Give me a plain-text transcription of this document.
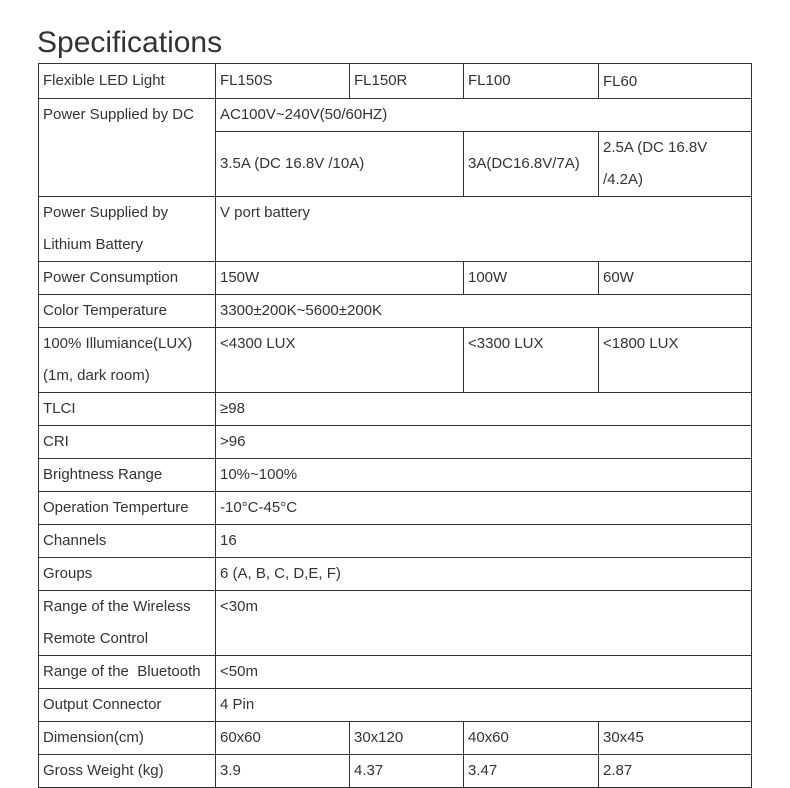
Specifications
Flexible LED Light	FL150S	FL150R	FL100	FL60
Power Supplied by DC	AC100V~240V(50/60HZ)			
	3.5A (DC 16.8V /10A)		3A(DC16.8V/7A)	2.5A (DC 16.8V /4.2A)

Power Supplied by
Lithium Battery	V port battery			
Power Consumption	150W		100W	60W
Color Temperature	3300±200K~5600±200K			

100% Illumiance(LUX)
(1m, dark room)	<4300 LUX		<3300 LUX	<1800 LUX
TLCI	≥98			
CRI	>96			
Brightness Range	10%~100%			
Operation Temperture	-10°C-45°C			
Channels	16			
Groups	6 (A, B, C, D,E, F)			

Range of the Wireless
Remote Control	<30m			
Range of the  Bluetooth	<50m			
Output Connector	4 Pin			
Dimension(cm)	60x60	30x120	40x60	30x45
Gross Weight (kg)	3.9	4.37	3.47	2.87
